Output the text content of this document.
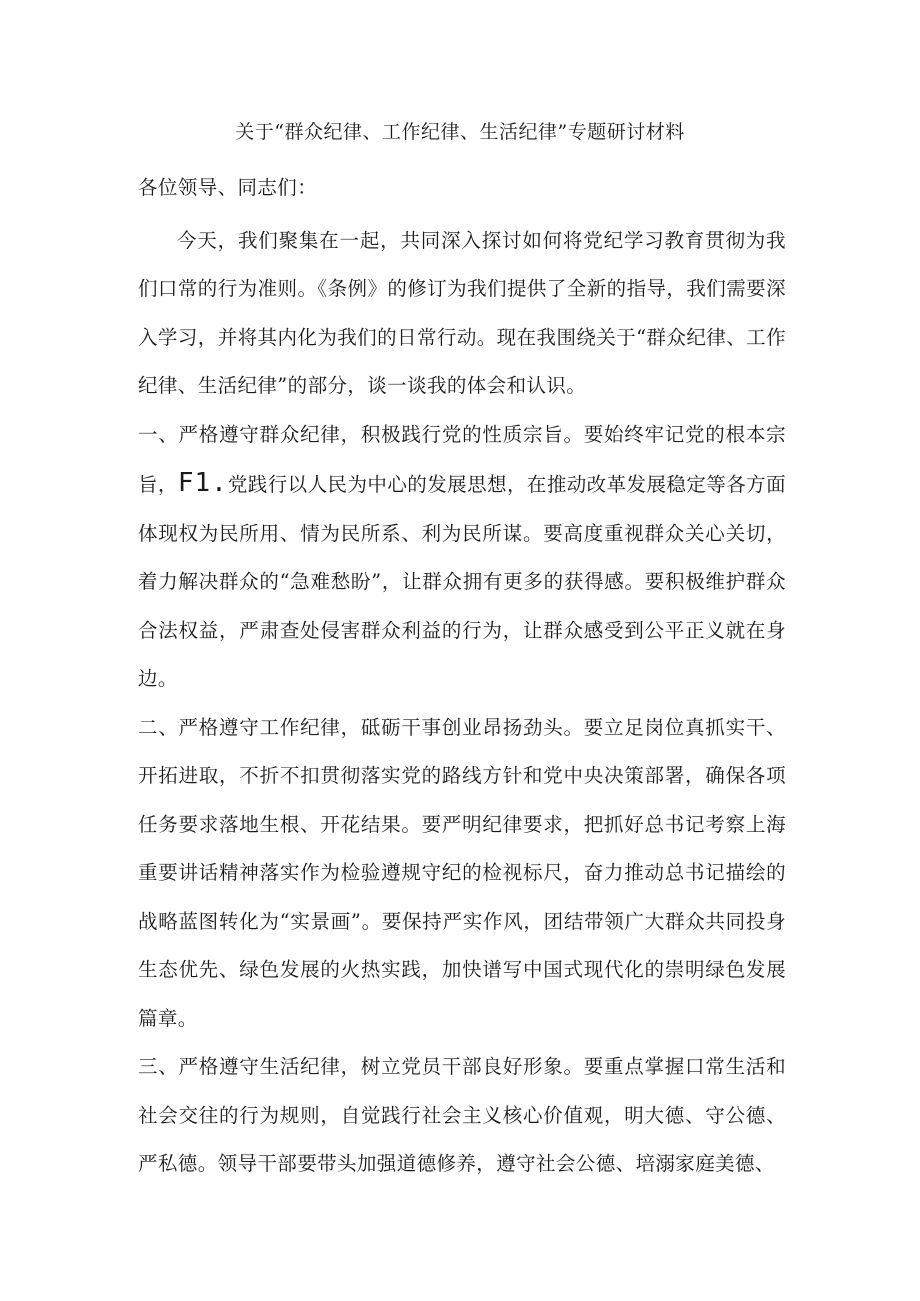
关于“群众纪律、工作纪律、生活纪律”专题研讨材料

各位领导、同志们：

今天，我们聚集在一起，共同深入探讨如何将党纪学习教育贯彻为我们口常的行为准则。《条例》的修订为我们提供了全新的指导，我们需要深入学习，并将其内化为我们的日常行动。现在我围绕关于“群众纪律、工作纪律、生活纪律”的部分，谈一谈我的体会和认识。

一、严格遵守群众纪律，积极践行党的性质宗旨。要始终牢记党的根本宗旨，F1.党践行以人民为中心的发展思想，在推动改革发展稳定等各方面体现权为民所用、情为民所系、利为民所谋。要高度重视群众关心关切，着力解决群众的“急难愁盼”，让群众拥有更多的获得感。要积极维护群众合法权益，严肃查处侵害群众利益的行为，让群众感受到公平正义就在身边。

二、严格遵守工作纪律，砥砺干事创业昂扬劲头。要立足岗位真抓实干、开拓进取，不折不扣贯彻落实党的路线方针和党中央决策部署，确保各项任务要求落地生根、开花结果。要严明纪律要求，把抓好总书记考察上海重要讲话精神落实作为检验遵规守纪的检视标尺，奋力推动总书记描绘的战略蓝图转化为“实景画”。要保持严实作风，团结带领广大群众共同投身生态优先、绿色发展的火热实践，加快谱写中国式现代化的崇明绿色发展篇章。

三、严格遵守生活纪律，树立党员干部良好形象。要重点掌握口常生活和社会交往的行为规则，自觉践行社会主义核心价值观，明大德、守公德、严私德。领导干部要带头加强道德修养，遵守社会公德、培溺家庭美德、
